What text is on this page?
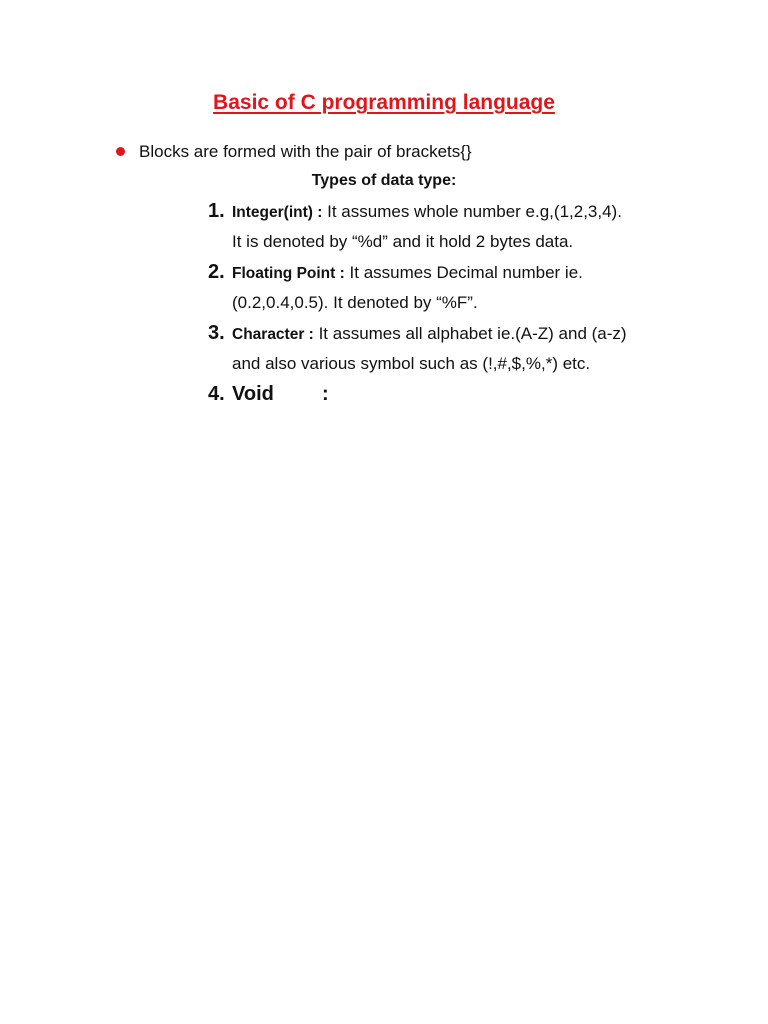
Basic of C programming language
Blocks are formed with the pair of brackets{}
Types of data type:
1. Integer(int) : It assumes whole number e.g,(1,2,3,4).
It is denoted by “%d” and it hold 2 bytes data.
2. Floating Point : It assumes Decimal number ie.
(0.2,0.4,0.5). It denoted by “%F”.
3. Character : It assumes all alphabet ie.(A-Z) and (a-z)
and also various symbol such as (!,#,$,%,*) etc.
4. Void :
